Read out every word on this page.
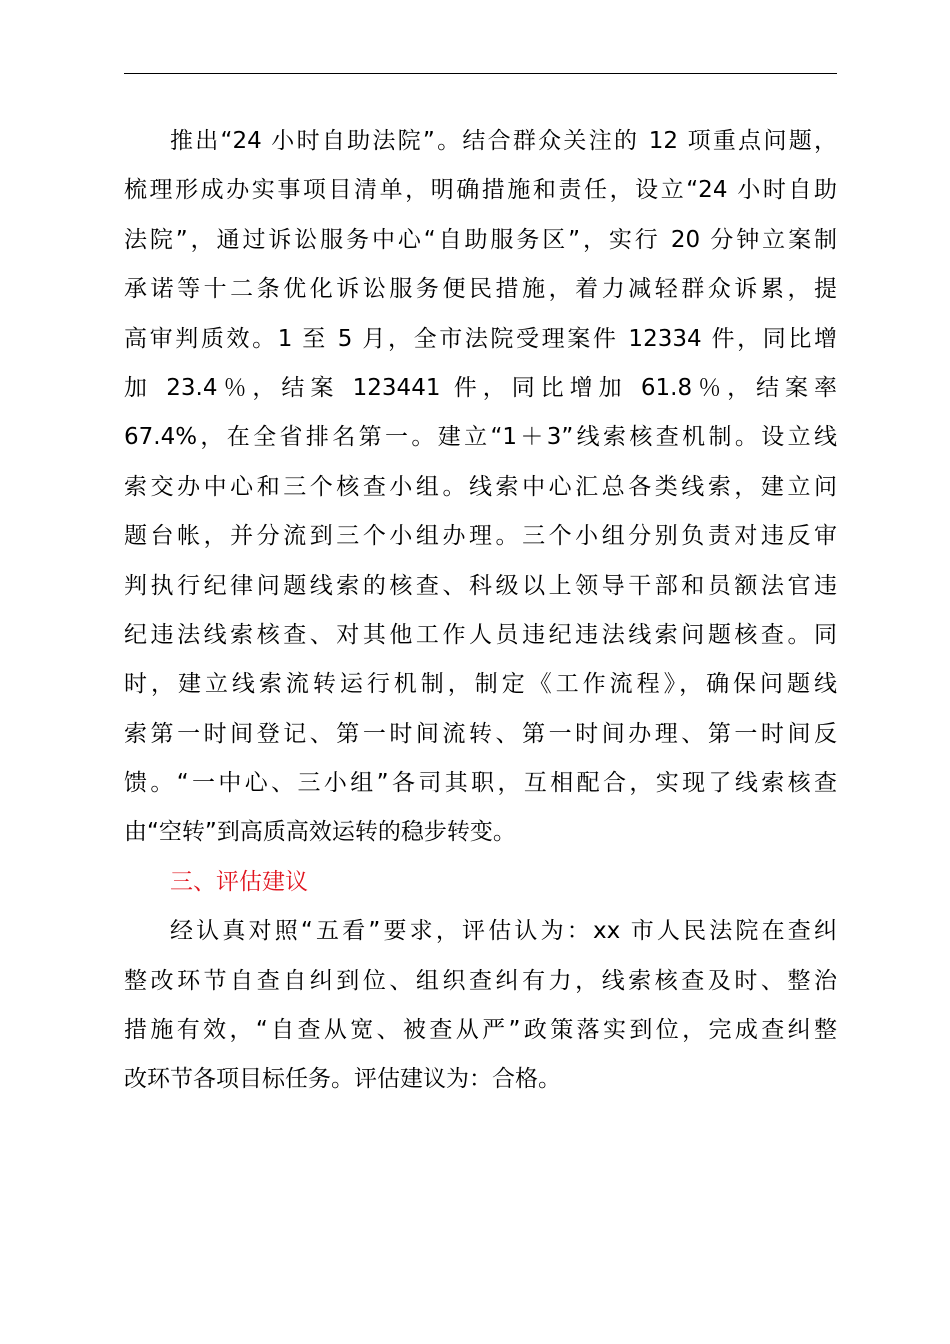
推出“24 小时自助法院”。结合群众关注的 12 项重点问题，
梳理形成办实事项目清单，明确措施和责任，设立“24 小时自助
法院”，通过诉讼服务中心“自助服务区”，实行 20 分钟立案制
承诺等十二条优化诉讼服务便民措施，着力减轻群众诉累，提
高审判质效。1 至 5 月，全市法院受理案件 12334 件，同比增
加 23.4％，结案 123441 件，同比增加 61.8％，结案率
67.4%，在全省排名第一。建立“1＋3”线索核查机制。设立线
索交办中心和三个核查小组。线索中心汇总各类线索，建立问
题台帐，并分流到三个小组办理。三个小组分别负责对违反审
判执行纪律问题线索的核查、科级以上领导干部和员额法官违
纪违法线索核查、对其他工作人员违纪违法线索问题核查。同
时，建立线索流转运行机制，制定《工作流程》，确保问题线
索第一时间登记、第一时间流转、第一时间办理、第一时间反
馈。“一中心、三小组”各司其职，互相配合，实现了线索核查
由“空转”到高质高效运转的稳步转变。
三、评估建议
经认真对照“五看”要求，评估认为：xx 市人民法院在查纠
整改环节自查自纠到位、组织查纠有力，线索核查及时、整治
措施有效，“自查从宽、被查从严”政策落实到位，完成查纠整
改环节各项目标任务。评估建议为：合格。
